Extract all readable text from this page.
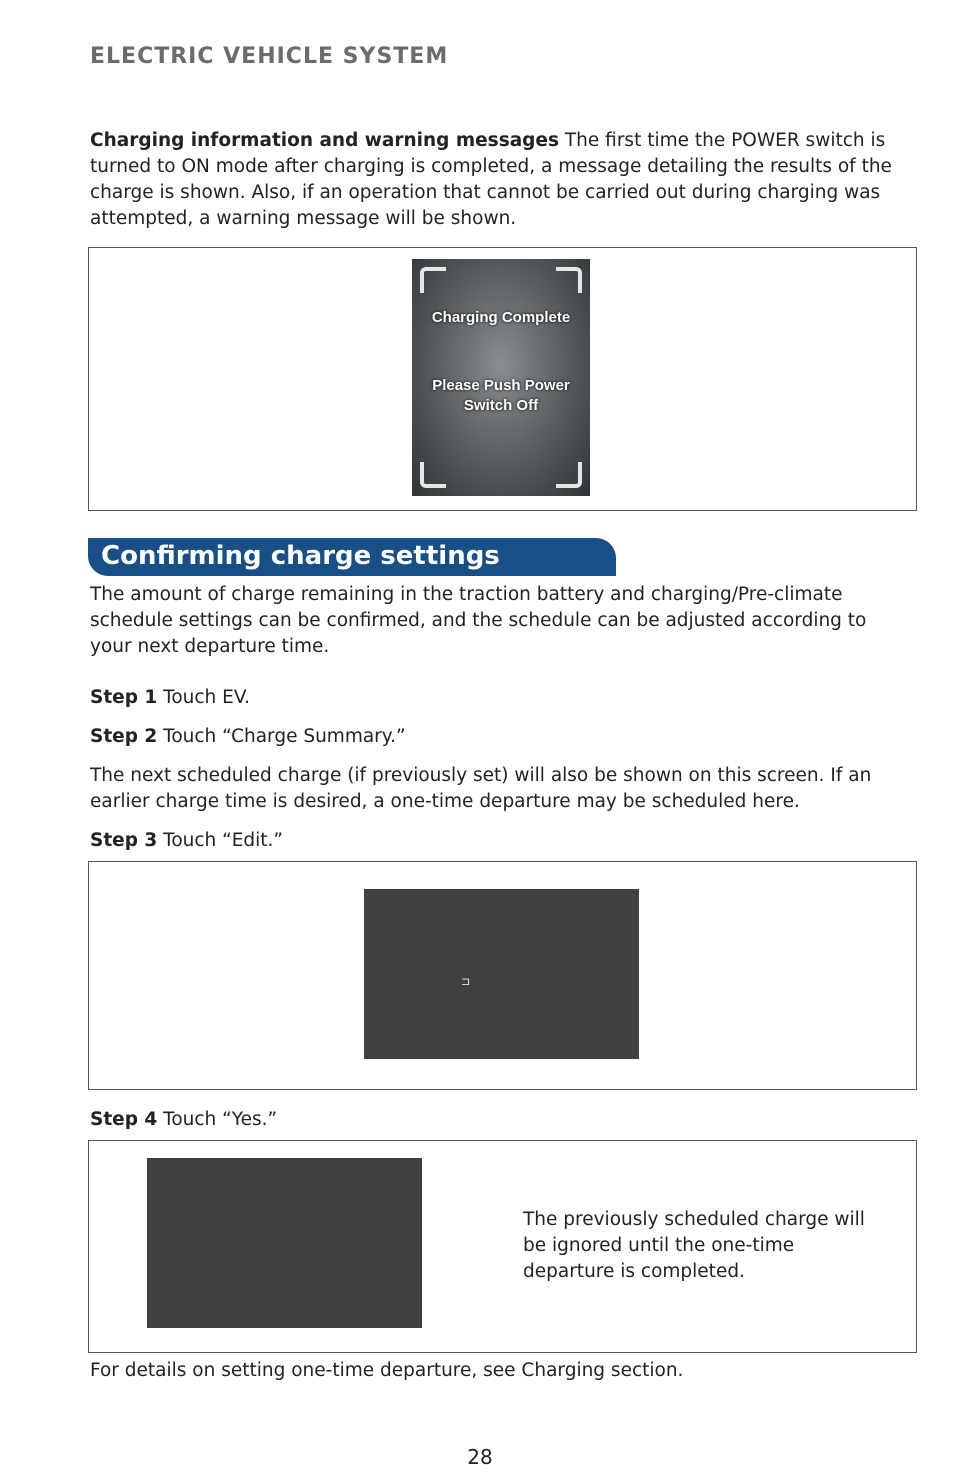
ELECTRIC VEHICLE SYSTEM
Charging information and warning messages The first time the POWER switch is turned to ON mode after charging is completed, a message detailing the results of the charge is shown. Also, if an operation that cannot be carried out during charging was attempted, a warning message will be shown.
Charging Complete
Please Push Power
Switch Off
Confirming charge settings
The amount of charge remaining in the traction battery and charging/Pre-climate schedule settings can be confirmed, and the schedule can be adjusted according to your next departure time.
Step 1 Touch EV.
Step 2 Touch “Charge Summary.”
The next scheduled charge (if previously set) will also be shown on this screen. If an earlier charge time is desired, a one-time departure may be scheduled here.
Step 3 Touch “Edit.”
⊐
Step 4 Touch “Yes.”
The previously scheduled charge will be ignored until the one-time departure is completed.
For details on setting one-time departure, see Charging section.
28
